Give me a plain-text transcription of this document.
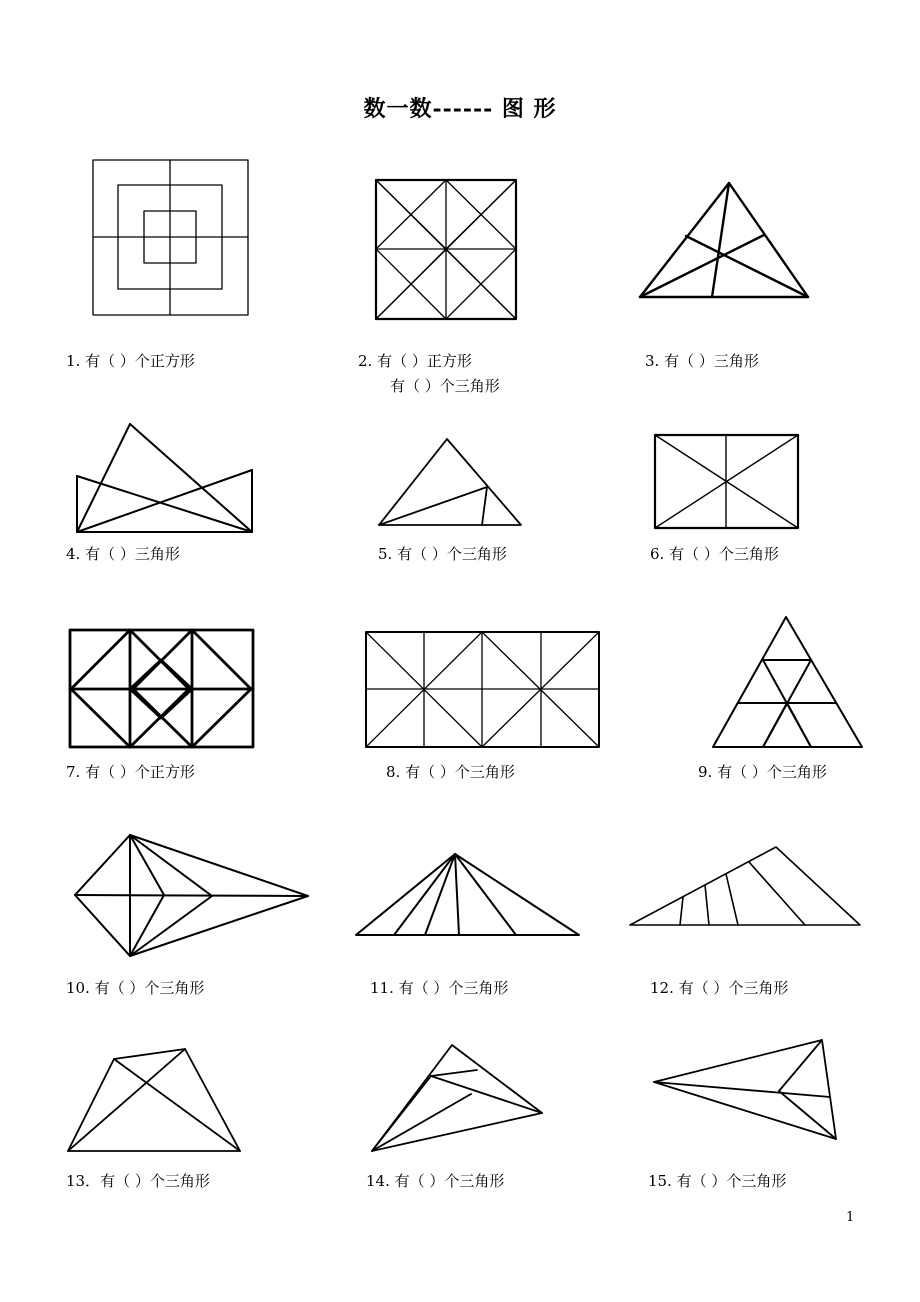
数一数------ 图 形
1. 有（ ）个正方形	2. 有（ ）正方形
有（ ）个三角形
3. 有（ ）三角形
4. 有（ ）三角形	5. 有（ ）个三角形	6. 有（ ）个三角形
7. 有（ ）个正方形	8. 有（ ）个三角形	9. 有（ ）个三角形
10. 有（ ）个三角形	11. 有（ ）个三角形	12. 有（ ）个三角形
13．有（ ）个三角形	14. 有（ ）个三角形	15. 有（ ）个三角形
1
